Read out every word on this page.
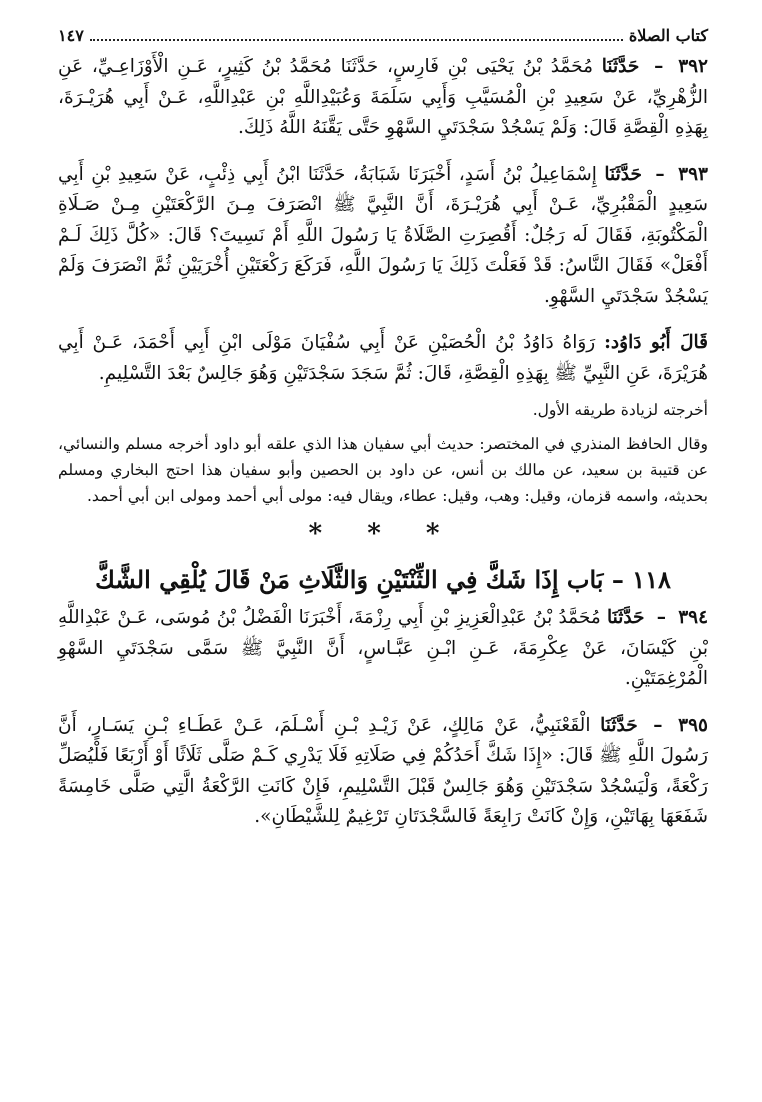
كتاب الصلاة
١٤٧

٣٩٢ – حَدَّثَنَا مُحَمَّدُ بْنُ يَحْيَى بْنِ فَارِسٍ، حَدَّثَنَا مُحَمَّدُ بْنُ كَثِيرٍ، عَـنِ الْأَوْزَاعِـيِّ، عَنِ الزُّهْرِيِّ، عَنْ سَعِيدِ بْنِ الْمُسَيَّبِ وَأَبِي سَلَمَةَ وَعُبَيْدِاللَّهِ بْنِ عَبْدِاللَّهِ، عَـنْ أَبِي هُرَيْـرَةَ، بِهَذِهِ الْقِصَّةِ قَالَ: وَلَمْ يَسْجُدْ سَجْدَتَيِ السَّهْوِ حَتَّى يَقَّنَهُ اللَّهُ ذَلِكَ.

٣٩٣ – حَدَّثَنَا إِسْمَاعِيلُ بْنُ أَسَدٍ، أَخْبَرَنَا شَبَابَةُ، حَدَّثَنَا ابْنُ أَبِي ذِئْبٍ، عَنْ سَعِيدِ بْنِ أَبِي سَعِيدٍ الْمَقْبُرِيِّ، عَـنْ أَبِي هُرَيْـرَةَ، أَنَّ النَّبِيَّ ﷺ انْصَرَفَ مِـنَ الرَّكْعَتَيْنِ مِـنْ صَـلَاةِ الْمَكْتُوبَةِ، فَقَالَ لَه رَجُلٌ: أَقُصِرَتِ الصَّلَاةُ يَا رَسُولَ اللَّهِ أَمْ نَسِيتَ؟ قَالَ: «كُلَّ ذَلِكَ لَـمْ أَفْعَلْ» فَقَالَ النَّاسُ: قَدْ فَعَلْتَ ذَلِكَ يَا رَسُولَ اللَّهِ، فَرَكَعَ رَكْعَتَيْنِ أُخْرَيَيْنِ ثُمَّ انْصَرَفَ وَلَمْ يَسْجُدْ سَجْدَتَيِ السَّهْوِ.

قَالَ أَبُو دَاوُد: رَوَاهُ دَاوُدُ بْنُ الْحُصَيْنِ عَنْ أَبِي سُفْيَانَ مَوْلَى ابْنِ أَبِي أَحْمَدَ، عَـنْ أَبِي هُرَيْرَةَ، عَنِ النَّبِيِّ ﷺ بِهَذِهِ الْقِصَّةِ، قَالَ: ثُمَّ سَجَدَ سَجْدَتَيْنِ وَهُوَ جَالِسٌ بَعْدَ التَّسْلِيمِ.

أخرجته لزيادة طريقه الأول.
وقال الحافظ المنذري في المختصر: حديث أبي سفيان هذا الذي علقه أبو داود أخرجه مسلم والنسائي، عن قتيبة بن سعيد، عن مالك بن أنس، عن داود بن الحصين وأبو سفيان هذا احتج البخاري ومسلم بحديثه، واسمه قزمان، وقيل: وهب، وقيل: عطاء، ويقال فيه: مولى أبي أحمد ومولى ابن أبي أحمد.
* * *
١١٨ – بَاب إِذَا شَكَّ فِي الثِّنْتَيْنِ وَالثَّلَاثِ مَنْ قَالَ يُلْقِي الشَّكَّ

٣٩٤ – حَدَّثَنَا مُحَمَّدُ بْنُ عَبْدِالْعَزِيزِ بْنِ أَبِي رِزْمَةَ، أَخْبَرَنَا الْفَضْلُ بْنُ مُوسَى، عَـنْ عَبْدِاللَّهِ بْنِ كَيْسَانَ، عَنْ عِكْرِمَةَ، عَـنِ ابْـنِ عَبَّـاسٍ، أَنَّ النَّبِيَّ ﷺ سَمَّى سَجْدَتَيِ السَّهْوِ الْمُرْغِمَتَيْنِ.

٣٩٥ – حَدَّثَنَا الْقَعْنَبِيُّ، عَنْ مَالِكٍ، عَنْ زَيْـدِ بْـنِ أَسْـلَمَ، عَـنْ عَطَـاءِ بْـنِ يَسَـارٍ، أَنَّ رَسُولَ اللَّهِ ﷺ قَالَ: «إِذَا شَكَّ أَحَدُكُمْ فِي صَلَاتِهِ فَلَا يَدْرِي كَـمْ صَلَّى ثَلَاثًا أَوْ أَرْبَعًا فَلْيُصَلِّ رَكْعَةً، وَلْيَسْجُدْ سَجْدَتَيْنِ وَهُوَ جَالِسٌ قَبْلَ التَّسْلِيمِ، فَإِنْ كَانَتِ الرَّكْعَةُ الَّتِي صَلَّى خَامِسَةً شَفَعَهَا بِهَاتَيْنِ، وَإِنْ كَانَتْ رَابِعَةً فَالسَّجْدَتَانِ تَرْغِيمٌ لِلشَّيْطَانِ».
